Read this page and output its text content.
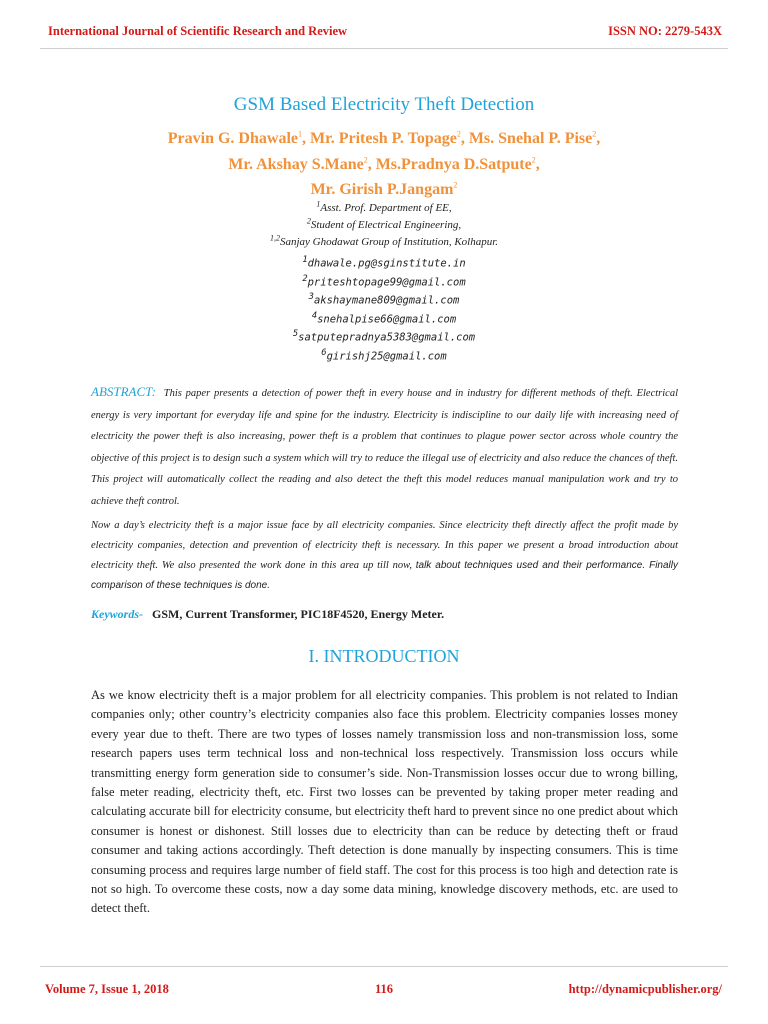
International Journal of Scientific Research and Review	ISSN NO: 2279-543X
GSM Based Electricity Theft Detection
Pravin G. Dhawale$^1$, Mr. Pritesh P. Topage$^2$, Ms. Snehal P. Pise$^2$,
Mr. Akshay S.Mane$^2$, Ms.Pradnya D.Satpute$^2$,
Mr. Girish P.Jangam$^2$
$^1$Asst. Prof. Department of EE,
$^2$Student of Electrical Engineering,
$^{1,2}$Sanjay Ghodawat Group of Institution, Kolhapur.
$^1$dhawale.pg@sginstitute.in
$^2$priteshtopage99@gmail.com
$^3$akshaymane809@gmail.com
$^4$snehalpise66@gmail.com
$^5$satputepradnya5383@gmail.com
$^6$girishj25@gmail.com
ABSTRACT: This paper presents a detection of power theft in every house and in industry for different methods of theft. Electrical energy is very important for everyday life and spine for the industry. Electricity is indiscipline to our daily life with increasing need of electricity the power theft is also increasing, power theft is a problem that continues to plague power sector across whole country the objective of this project is to design such a system which will try to reduce the illegal use of electricity and also reduce the chances of theft. This project will automatically collect the reading and also detect the theft this model reduces manual manipulation work and try to achieve theft control.
Now a day’s electricity theft is a major issue face by all electricity companies. Since electricity theft directly affect the profit made by electricity companies, detection and prevention of electricity theft is necessary. In this paper we present a broad introduction about electricity theft. We also presented the work done in this area up till now, talk about techniques used and their performance. Finally comparison of these techniques is done.
Keywords- GSM, Current Transformer, PIC18F4520, Energy Meter.
I. INTRODUCTION
As we know electricity theft is a major problem for all electricity companies. This problem is not related to Indian companies only; other country’s electricity companies also face this problem. Electricity companies losses money every year due to theft. There are two types of losses namely transmission loss and non-transmission loss, some research papers uses term technical loss and non-technical loss respectively. Transmission loss occurs while transmitting energy form generation side to consumer’s side. Non-Transmission losses occur due to wrong billing, false meter reading, electricity theft, etc. First two losses can be prevented by taking proper meter reading and calculating accurate bill for electricity consume, but electricity theft hard to prevent since no one predict about which consumer is honest or dishonest. Still losses due to electricity than can be reduce by detecting theft or fraud consumer and taking actions accordingly. Theft detection is done manually by inspecting consumers. This is time consuming process and requires large number of field staff. The cost for this process is too high and detection rate is not so high. To overcome these costs, now a day some data mining, knowledge discovery methods, etc. are used to detect theft.
Volume 7, Issue 1, 2018	116	http://dynamicpublisher.org/
